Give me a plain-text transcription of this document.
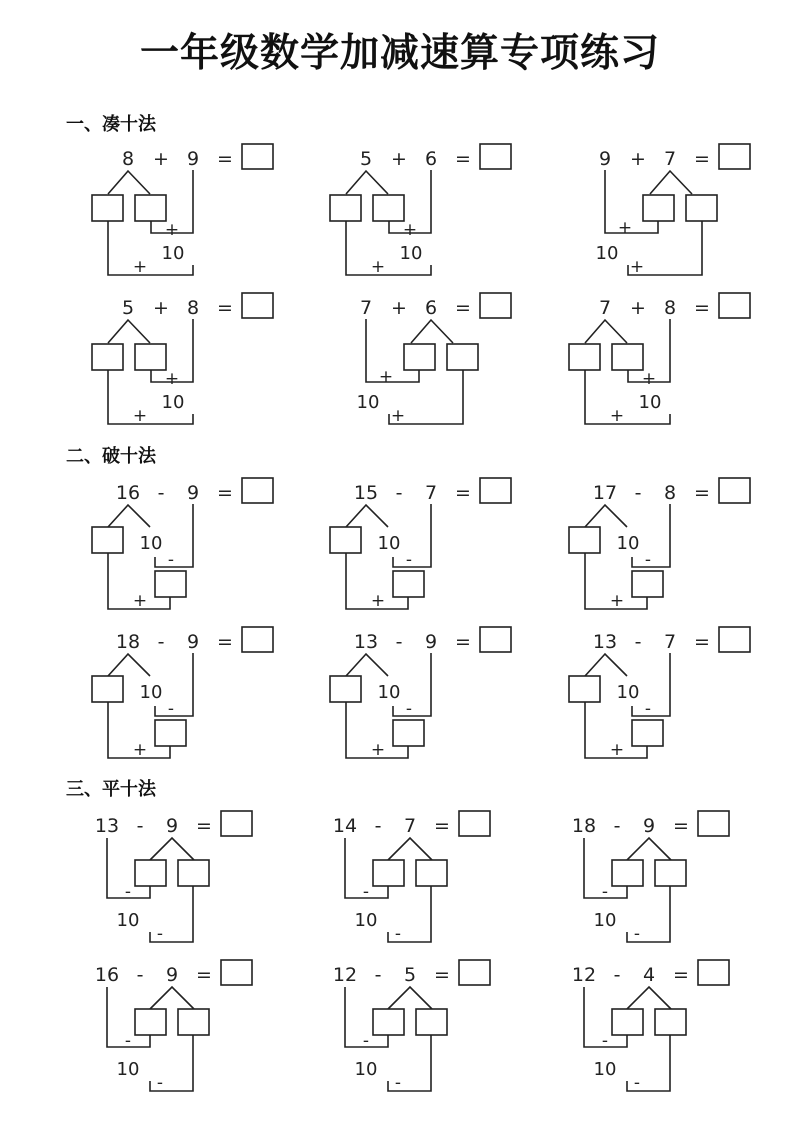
一年级数学加减速算专项练习
一、凑十法
二、破十法
三、平十法
8 + 9 =
+
10
+
5 + 6 =
+
10
+
9 + 7 =
+
10
+
5 + 8 =
+
10
+
7 + 6 =
+
10
+
7 + 8 =
+
10
+
16 - 9 =
10
-
+
15 - 7 =
10
-
+
17 - 8 =
10
-
+
18 - 9 =
10
-
+
13 - 9 =
10
-
+
13 - 7 =
10
-
+
13 - 9 =
-
10
-
14 - 7 =
-
10
-
18 - 9 =
-
10
-
16 - 9 =
-
10
-
12 - 5 =
-
10
-
12 - 4 =
-
10
-
